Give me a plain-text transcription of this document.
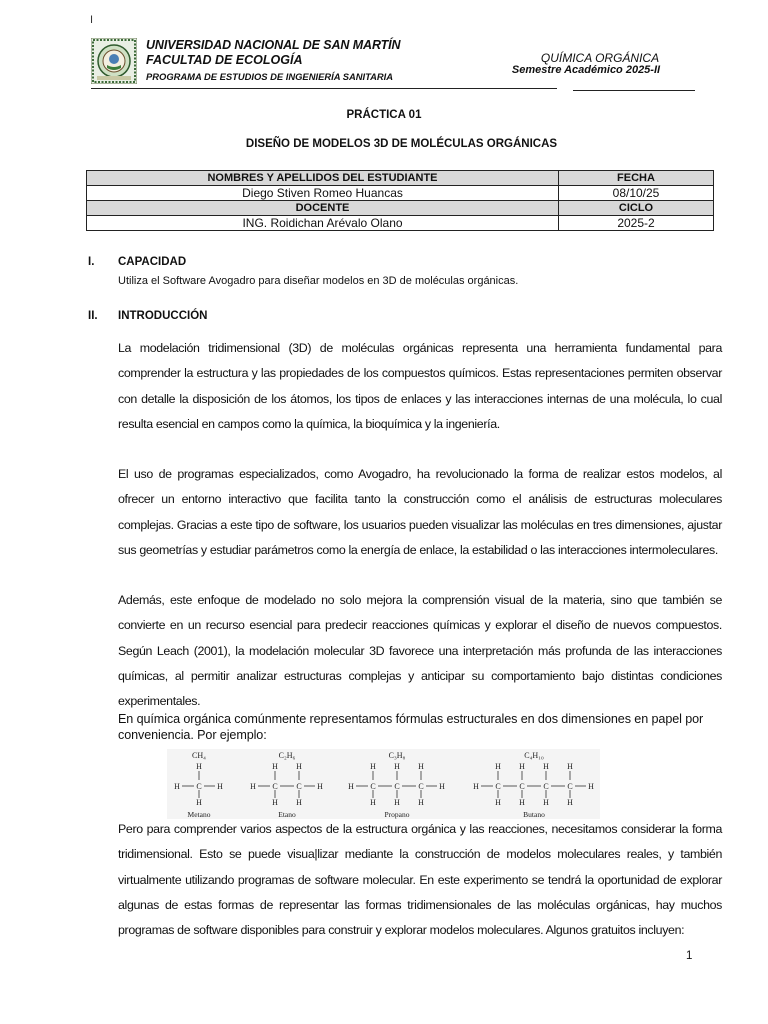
I
UNIVERSIDAD NACIONAL DE SAN MARTÍN
FACULTAD DE ECOLOGÍA
PROGRAMA DE ESTUDIOS DE INGENIERÍA SANITARIA
QUÍMICA ORGÁNICA
Semestre Académico 2025-II
PRÁCTICA 01
DISEÑO DE MODELOS 3D DE MOLÉCULAS ORGÁNICAS
NOMBRES Y APELLIDOS DEL ESTUDIANTE	FECHA
Diego Stiven Romeo Huancas	08/10/25
DOCENTE	CICLO
ING. Roidichan Arévalo Olano	2025-2
I. CAPACIDAD
Utiliza el Software Avogadro para diseñar modelos en 3D de moléculas orgánicas.
II. INTRODUCCIÓN

La modelación tridimensional (3D) de moléculas orgánicas representa una herramienta fundamental para comprender la estructura y las propiedades de los compuestos químicos. Estas representaciones permiten observar con detalle la disposición de los átomos, los tipos de enlaces y las interacciones internas de una molécula, lo cual resulta esencial en campos como la química, la bioquímica y la ingeniería.

El uso de programas especializados, como Avogadro, ha revolucionado la forma de realizar estos modelos, al ofrecer un entorno interactivo que facilita tanto la construcción como el análisis de estructuras moleculares complejas. Gracias a este tipo de software, los usuarios pueden visualizar las moléculas en tres dimensiones, ajustar sus geometrías y estudiar parámetros como la energía de enlace, la estabilidad o las interacciones intermoleculares.

Además, este enfoque de modelado no solo mejora la comprensión visual de la materia, sino que también se convierte en un recurso esencial para predecir reacciones químicas y explorar el diseño de nuevos compuestos. Según Leach (2001), la modelación molecular 3D favorece una interpretación más profunda de las interacciones químicas, al permitir analizar estructuras complejas y anticipar su comportamiento bajo distintas condiciones experimentales.

En química orgánica comúnmente representamos fórmulas estructurales en dos dimensiones en papel por conveniencia. Por ejemplo:

CH₄
Metano
H C
H
H
H
C₂H₆
Etano
H C
H
H
C
H
H
H
C₃H₈
Propano
H C
H
H
C
H
H
C
H
H
H
C₄H₁₀
Butano
H C
H
H
C
H
H
C
H
H
C
H
H
H

Pero para comprender varios aspectos de la estructura orgánica y las reacciones, necesitamos considerar la forma tridimensional. Esto se puede visua|lizar mediante la construcción de modelos moleculares reales, y también virtualmente utilizando programas de software molecular. En este experimento se tendrá la oportunidad de explorar algunas de estas formas de representar las formas tridimensionales de las moléculas orgánicas, hay muchos programas de software disponibles para construir y explorar modelos moleculares. Algunos gratuitos incluyen:

1
